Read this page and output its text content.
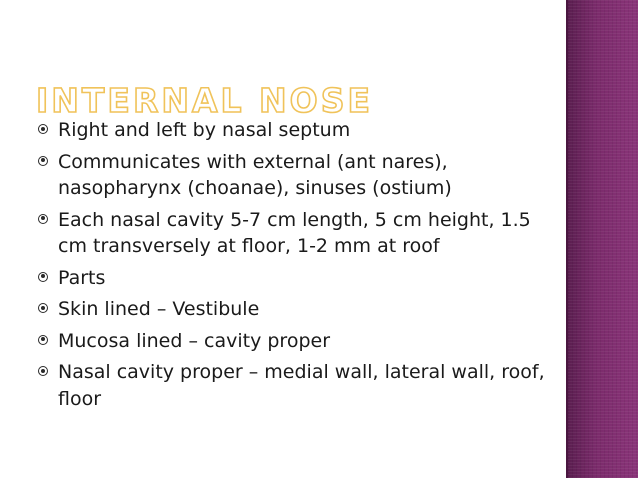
INTERNAL NOSE
Right and left by nasal septum
Communicates with external (ant nares), nasopharynx (choanae), sinuses (ostium)
Each nasal cavity 5-7 cm length, 5 cm height, 1.5 cm transversely at floor, 1-2 mm at roof
Parts
Skin lined – Vestibule
Mucosa lined – cavity proper
Nasal cavity proper – medial wall, lateral wall, roof, floor
